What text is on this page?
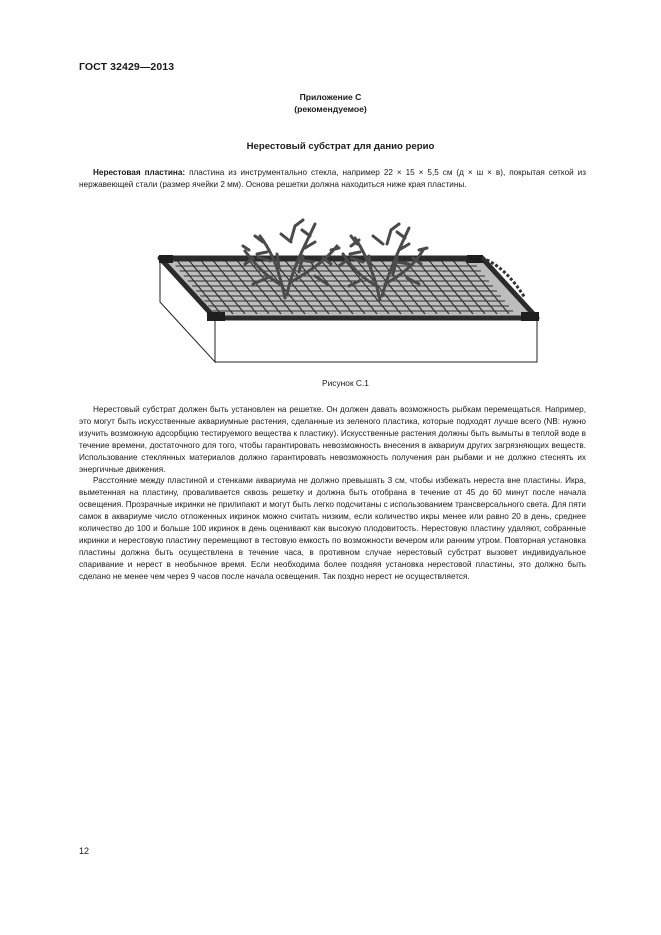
ГОСТ 32429—2013
Приложение С
(рекомендуемое)
Нерестовый субстрат для данио рерио
Нерестовая пластина: пластина из инструментально стекла, например 22 × 15 × 5,5 см (д × ш × в), покрытая сеткой из нержавеющей стали (размер ячейки 2 мм). Основа решетки должна находиться ниже края пластины.
Рисунок С.1

Нерестовый субстрат должен быть установлен на решетке. Он должен давать возможность рыбкам перемещаться. Например, это могут быть искусственные аквариумные растения, сделанные из зеленого пластика, которые подходят лучше всего (NB: нужно изучить возможную адсорбцию тестируемого вещества к пластику). Искусственные растения должны быть вымыты в теплой воде в течение времени, достаточного для того, чтобы гарантировать невозможность внесения в аквариум других загрязняющих веществ. Использование стеклянных материалов должно гарантировать невозможность получения ран рыбами и не должно стеснять их энергичные движения.

Расстояние между пластиной и стенками аквариума не должно превышать 3 см, чтобы избежать нереста вне пластины. Икра, выметенная на пластину, проваливается сквозь решетку и должна быть отобрана в течение от 45 до 60 минут после начала освещения. Прозрачные икринки не прилипают и могут быть легко подсчитаны с использованием трансверсального света. Для пяти самок в аквариуме число отложенных икринок можно считать низким, если количество икры менее или равно 20 в день, среднее количество до 100 и больше 100 икринок в день оценивают как высокую плодовитость. Нерестовую пластину удаляют, собранные икринки и нерестовую пластину перемещают в тестовую емкость по возможности вечером или ранним утром. Повторная установка пластины должна быть осуществлена в течение часа, в противном случае нерестовый субстрат вызовет индивидуальное спаривание и нерест в необычное время. Если необходима более поздняя установка нерестовой пластины, это должно быть сделано не менее чем через 9 часов после начала освещения. Так поздно нерест не осуществляется.

12
